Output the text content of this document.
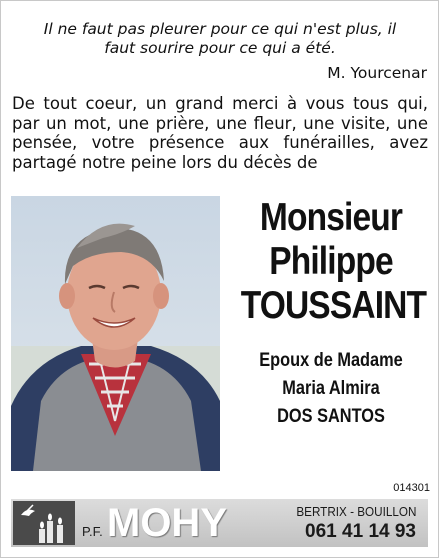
Il ne faut pas pleurer pour ce qui n'est plus, il
faut sourire pour ce qui a été.
M. Yourcenar
De tout coeur, un grand merci à vous tous qui, par un mot, une prière, une fleur, une visite, une pensée, votre présence aux funérailles, avez partagé notre peine lors du décès de
Monsieur
Philippe
TOUSSAINT
Epoux de Madame
Maria Almira
DOS SANTOS
014301
P.F. MOHY	BERTRIX - BOUILLON
061 41 14 93
